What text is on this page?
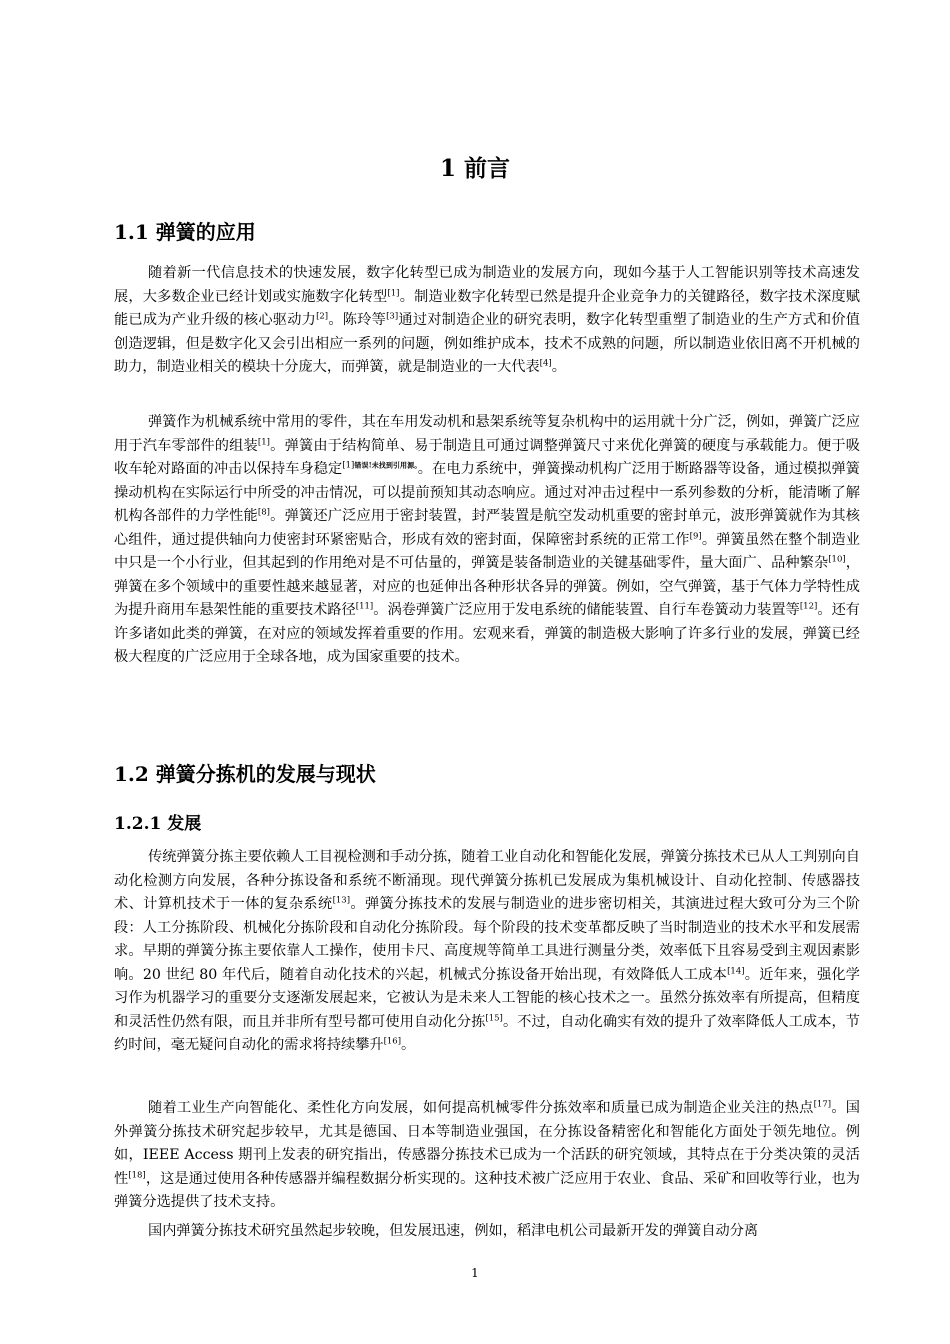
1 前言
1.1 弹簧的应用

随着新一代信息技术的快速发展，数字化转型已成为制造业的发展方向，现如今基于人工智能识别等技术高速发展，大多数企业已经计划或实施数字化转型[1]。制造业数字化转型已然是提升企业竞争力的关键路径，数字技术深度赋能已成为产业升级的核心驱动力[2]。陈玲等[3]通过对制造企业的研究表明，数字化转型重塑了制造业的生产方式和价值创造逻辑，但是数字化又会引出相应一系列的问题，例如维护成本，技术不成熟的问题，所以制造业依旧离不开机械的助力，制造业相关的模块十分庞大，而弹簧，就是制造业的一大代表[4]。

弹簧作为机械系统中常用的零件，其在车用发动机和悬架系统等复杂机构中的运用就十分广泛，例如，弹簧广泛应用于汽车零部件的组装[1]。弹簧由于结构简单、易于制造且可通过调整弹簧尺寸来优化弹簧的硬度与承载能力。便于吸收车轮对路面的冲击以保持车身稳定$^{[1]错误!未找到引用源。}$。在电力系统中，弹簧操动机构广泛用于断路器等设备，通过模拟弹簧操动机构在实际运行中所受的冲击情况，可以提前预知其动态响应。通过对冲击过程中一系列参数的分析，能清晰了解机构各部件的力学性能[8]。弹簧还广泛应用于密封装置，封严装置是航空发动机重要的密封单元，波形弹簧就作为其核心组件，通过提供轴向力使密封环紧密贴合，形成有效的密封面，保障密封系统的正常工作[9]。弹簧虽然在整个制造业中只是一个小行业，但其起到的作用绝对是不可估量的，弹簧是装备制造业的关键基础零件，量大面广、品种繁杂[10]，弹簧在多个领域中的重要性越来越显著，对应的也延伸出各种形状各异的弹簧。例如，空气弹簧，基于气体力学特性成为提升商用车悬架性能的重要技术路径[11]。涡卷弹簧广泛应用于发电系统的储能装置、自行车卷簧动力装置等[12]。还有许多诸如此类的弹簧，在对应的领域发挥着重要的作用。宏观来看，弹簧的制造极大影响了许多行业的发展，弹簧已经极大程度的广泛应用于全球各地，成为国家重要的技术。

1.2 弹簧分拣机的发展与现状
1.2.1 发展

传统弹簧分拣主要依赖人工目视检测和手动分拣，随着工业自动化和智能化发展，弹簧分拣技术已从人工判别向自动化检测方向发展，各种分拣设备和系统不断涌现。现代弹簧分拣机已发展成为集机械设计、自动化控制、传感器技术、计算机技术于一体的复杂系统[13]。弹簧分拣技术的发展与制造业的进步密切相关，其演进过程大致可分为三个阶段：人工分拣阶段、机械化分拣阶段和自动化分拣阶段。每个阶段的技术变革都反映了当时制造业的技术水平和发展需求。早期的弹簧分拣主要依靠人工操作，使用卡尺、高度规等简单工具进行测量分类，效率低下且容易受到主观因素影响。20 世纪 80 年代后，随着自动化技术的兴起，机械式分拣设备开始出现，有效降低人工成本[14]。近年来，强化学习作为机器学习的重要分支逐渐发展起来，它被认为是未来人工智能的核心技术之一。虽然分拣效率有所提高，但精度和灵活性仍然有限，而且并非所有型号都可使用自动化分拣[15]。不过，自动化确实有效的提升了效率降低人工成本，节约时间，毫无疑问自动化的需求将持续攀升[16]。

随着工业生产向智能化、柔性化方向发展，如何提高机械零件分拣效率和质量已成为制造企业关注的热点[17]。国外弹簧分拣技术研究起步较早，尤其是德国、日本等制造业强国，在分拣设备精密化和智能化方面处于领先地位。例如，IEEE Access 期刊上发表的研究指出，传感器分拣技术已成为一个活跃的研究领域，其特点在于分类决策的灵活性[18]，这是通过使用各种传感器并编程数据分析实现的。这种技术被广泛应用于农业、食品、采矿和回收等行业，也为弹簧分选提供了技术支持。

国内弹簧分拣技术研究虽然起步较晚，但发展迅速，例如，稻津电机公司最新开发的弹簧自动分离

1
